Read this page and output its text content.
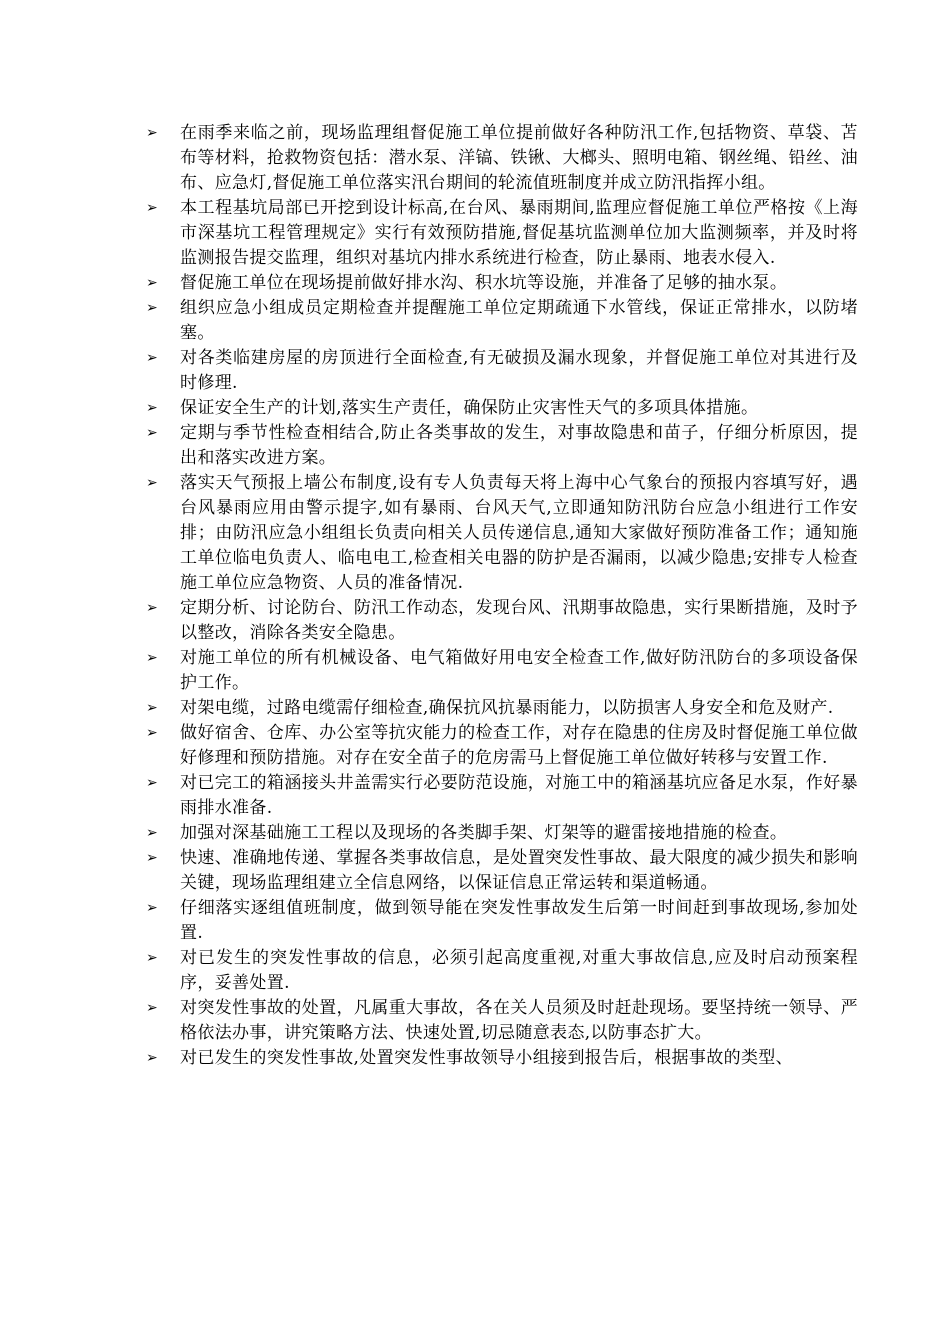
➢	在雨季来临之前，现场监理组督促施工单位提前做好各种防汛工作,包括物资、草袋、苫布等材料，抢救物资包括：潜水泵、洋镐、铁锹、大榔头、照明电箱、钢丝绳、铅丝、油布、应急灯,督促施工单位落实汛台期间的轮流值班制度并成立防汛指挥小组。
➢	本工程基坑局部已开挖到设计标高,在台风、暴雨期间,监理应督促施工单位严格按《上海市深基坑工程管理规定》实行有效预防措施,督促基坑监测单位加大监测频率，并及时将监测报告提交监理，组织对基坑内排水系统进行检查，防止暴雨、地表水侵入.
➢	督促施工单位在现场提前做好排水沟、积水坑等设施，并准备了足够的抽水泵。
➢	组织应急小组成员定期检查并提醒施工单位定期疏通下水管线，保证正常排水，以防堵塞。
➢	对各类临建房屋的房顶进行全面检查,有无破损及漏水现象，并督促施工单位对其进行及时修理.
➢	保证安全生产的计划,落实生产责任，确保防止灾害性天气的多项具体措施。
➢	定期与季节性检查相结合,防止各类事故的发生，对事故隐患和苗子，仔细分析原因，提出和落实改进方案。
➢	落实天气预报上墙公布制度,设有专人负责每天将上海中心气象台的预报内容填写好，遇台风暴雨应用由警示提字,如有暴雨、台风天气,立即通知防汛防台应急小组进行工作安排；由防汛应急小组组长负责向相关人员传递信息,通知大家做好预防准备工作；通知施工单位临电负责人、临电电工,检查相关电器的防护是否漏雨，以减少隐患;安排专人检查施工单位应急物资、人员的准备情况.
➢	定期分析、讨论防台、防汛工作动态，发现台风、汛期事故隐患，实行果断措施，及时予以整改，消除各类安全隐患。
➢	对施工单位的所有机械设备、电气箱做好用电安全检查工作,做好防汛防台的多项设备保护工作。
➢	对架电缆，过路电缆需仔细检查,确保抗风抗暴雨能力，以防损害人身安全和危及财产.
➢	做好宿舍、仓库、办公室等抗灾能力的检查工作，对存在隐患的住房及时督促施工单位做好修理和预防措施。对存在安全苗子的危房需马上督促施工单位做好转移与安置工作.
➢	对已完工的箱涵接头井盖需实行必要防范设施，对施工中的箱涵基坑应备足水泵，作好暴雨排水准备.
➢	加强对深基础施工工程以及现场的各类脚手架、灯架等的避雷接地措施的检查。
➢	快速、准确地传递、掌握各类事故信息，是处置突发性事故、最大限度的减少损失和影响关键，现场监理组建立全信息网络，以保证信息正常运转和渠道畅通。
➢	仔细落实逐组值班制度，做到领导能在突发性事故发生后第一时间赶到事故现场,参加处置.
➢	对已发生的突发性事故的信息，必须引起高度重视,对重大事故信息,应及时启动预案程序，妥善处置.
➢	对突发性事故的处置，凡属重大事故，各在关人员须及时赶赴现场。要坚持统一领导、严格依法办事，讲究策略方法、快速处置,切忌随意表态,以防事态扩大。
➢	对已发生的突发性事故,处置突发性事故领导小组接到报告后，根据事故的类型、
